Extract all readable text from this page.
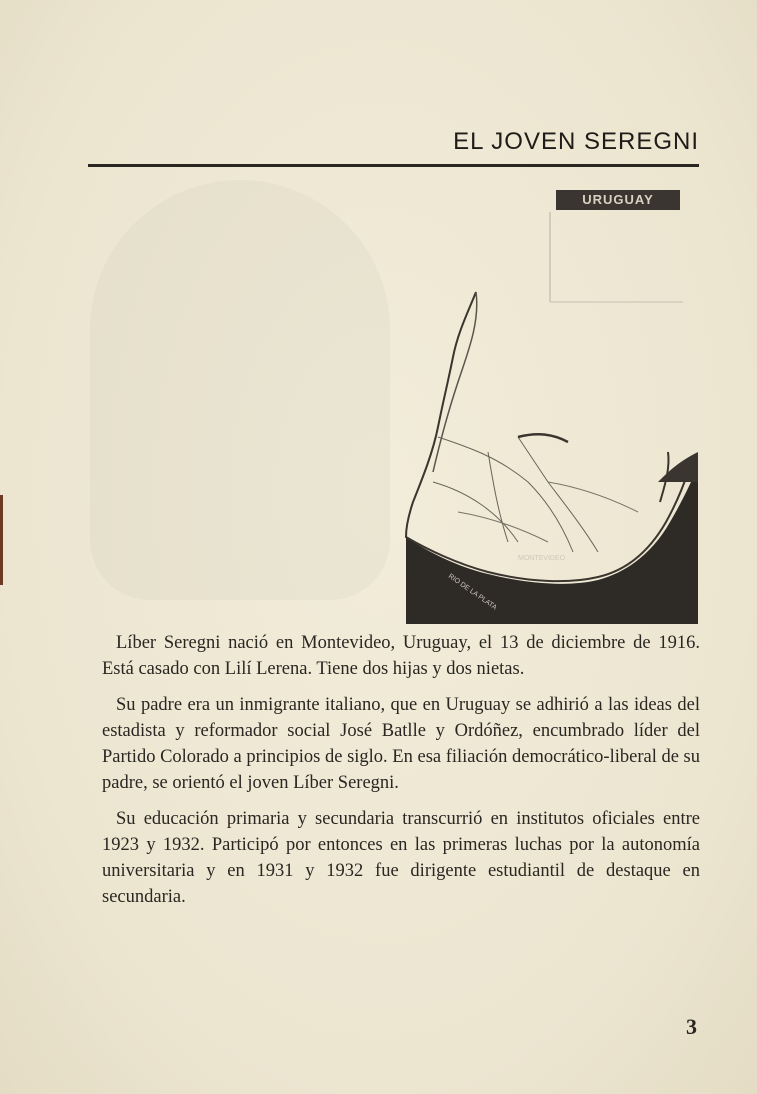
EL JOVEN SEREGNI
MONTEVIDEO
RIO DE LA PLATA
URUGUAY

Líber Seregni nació en Montevideo, Uruguay, el 13 de diciembre de 1916. Está casado con Lilí Lerena. Tiene dos hijas y dos nietas.

Su padre era un inmigrante italiano, que en Uruguay se adhirió a las ideas del estadista y reformador social José Batlle y Ordóñez, encumbrado líder del Partido Colorado a principios de siglo. En esa filiación democrático-liberal de su padre, se orientó el joven Líber Seregni.

Su educación primaria y secundaria transcurrió en institutos oficiales entre 1923 y 1932. Participó por entonces en las primeras luchas por la autonomía universitaria y en 1931 y 1932 fue dirigente estudiantil de destaque en secundaria.

3
